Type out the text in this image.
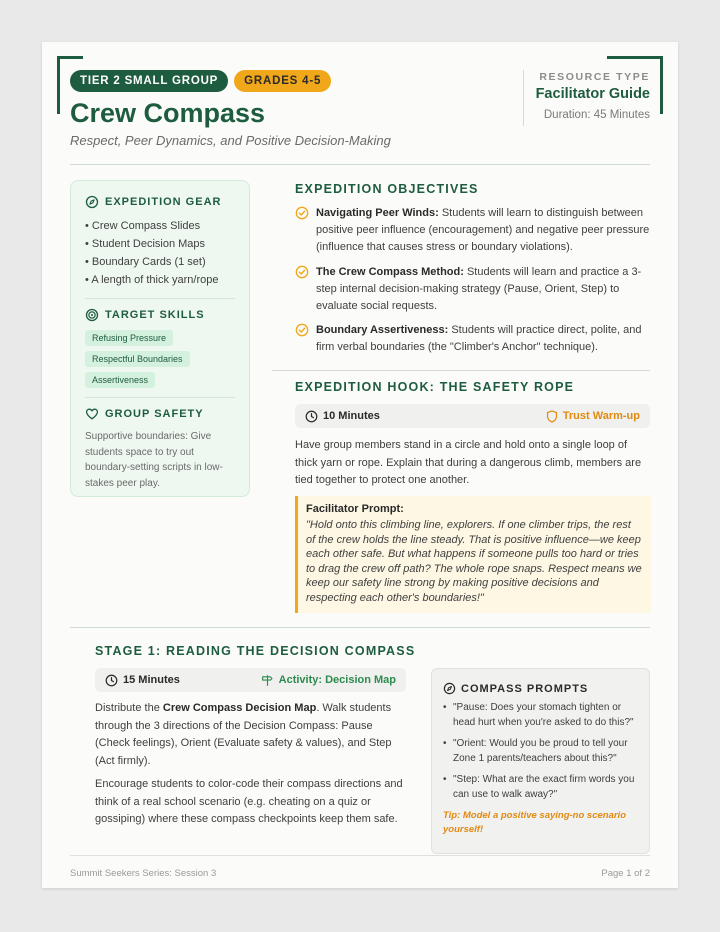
TIER 2 SMALL GROUP	GRADES 4-5
Crew Compass
Respect, Peer Dynamics, and Positive Decision-Making
RESOURCE TYPE
Facilitator Guide
Duration: 45 Minutes
EXPEDITION GEAR
• Crew Compass Slides
• Student Decision Maps
• Boundary Cards (1 set)
• A length of thick yarn/rope
TARGET SKILLS
Refusing Pressure
Respectful Boundaries
Assertiveness
GROUP SAFETY
Supportive boundaries: Give students space to try out boundary-setting scripts in low-stakes peer play.
EXPEDITION OBJECTIVES
Navigating Peer Winds: Students will learn to distinguish between positive peer influence (encouragement) and negative peer pressure (influence that causes stress or boundary violations).
The Crew Compass Method: Students will learn and practice a 3-step internal decision-making strategy (Pause, Orient, Step) to evaluate social requests.
Boundary Assertiveness: Students will practice direct, polite, and firm verbal boundaries (the "Climber's Anchor" technique).
EXPEDITION HOOK: THE SAFETY ROPE
10 Minutes	Trust Warm-up
Have group members stand in a circle and hold onto a single loop of thick yarn or rope. Explain that during a dangerous climb, members are tied together to protect one another.
Facilitator Prompt:
"Hold onto this climbing line, explorers. If one climber trips, the rest of the crew holds the line steady. That is positive influence—we keep each other safe. But what happens if someone pulls too hard or tries to drag the crew off path? The whole rope snaps. Respect means we keep our safety line strong by making positive decisions and respecting each other's boundaries!"
STAGE 1: READING THE DECISION COMPASS
15 Minutes	Activity: Decision Map
Distribute the Crew Compass Decision Map. Walk students through the 3 directions of the Decision Compass: Pause (Check feelings), Orient (Evaluate safety & values), and Step (Act firmly).
Encourage students to color-code their compass directions and think of a real school scenario (e.g. cheating on a quiz or gossiping) where these compass checkpoints keep them safe.
COMPASS PROMPTS
• "Pause: Does your stomach tighten or head hurt when you're asked to do this?"
• "Orient: Would you be proud to tell your Zone 1 parents/teachers about this?"
• "Step: What are the exact firm words you can use to walk away?"
Tip: Model a positive saying-no scenario yourself!
Summit Seekers Series: Session 3	Page 1 of 2
